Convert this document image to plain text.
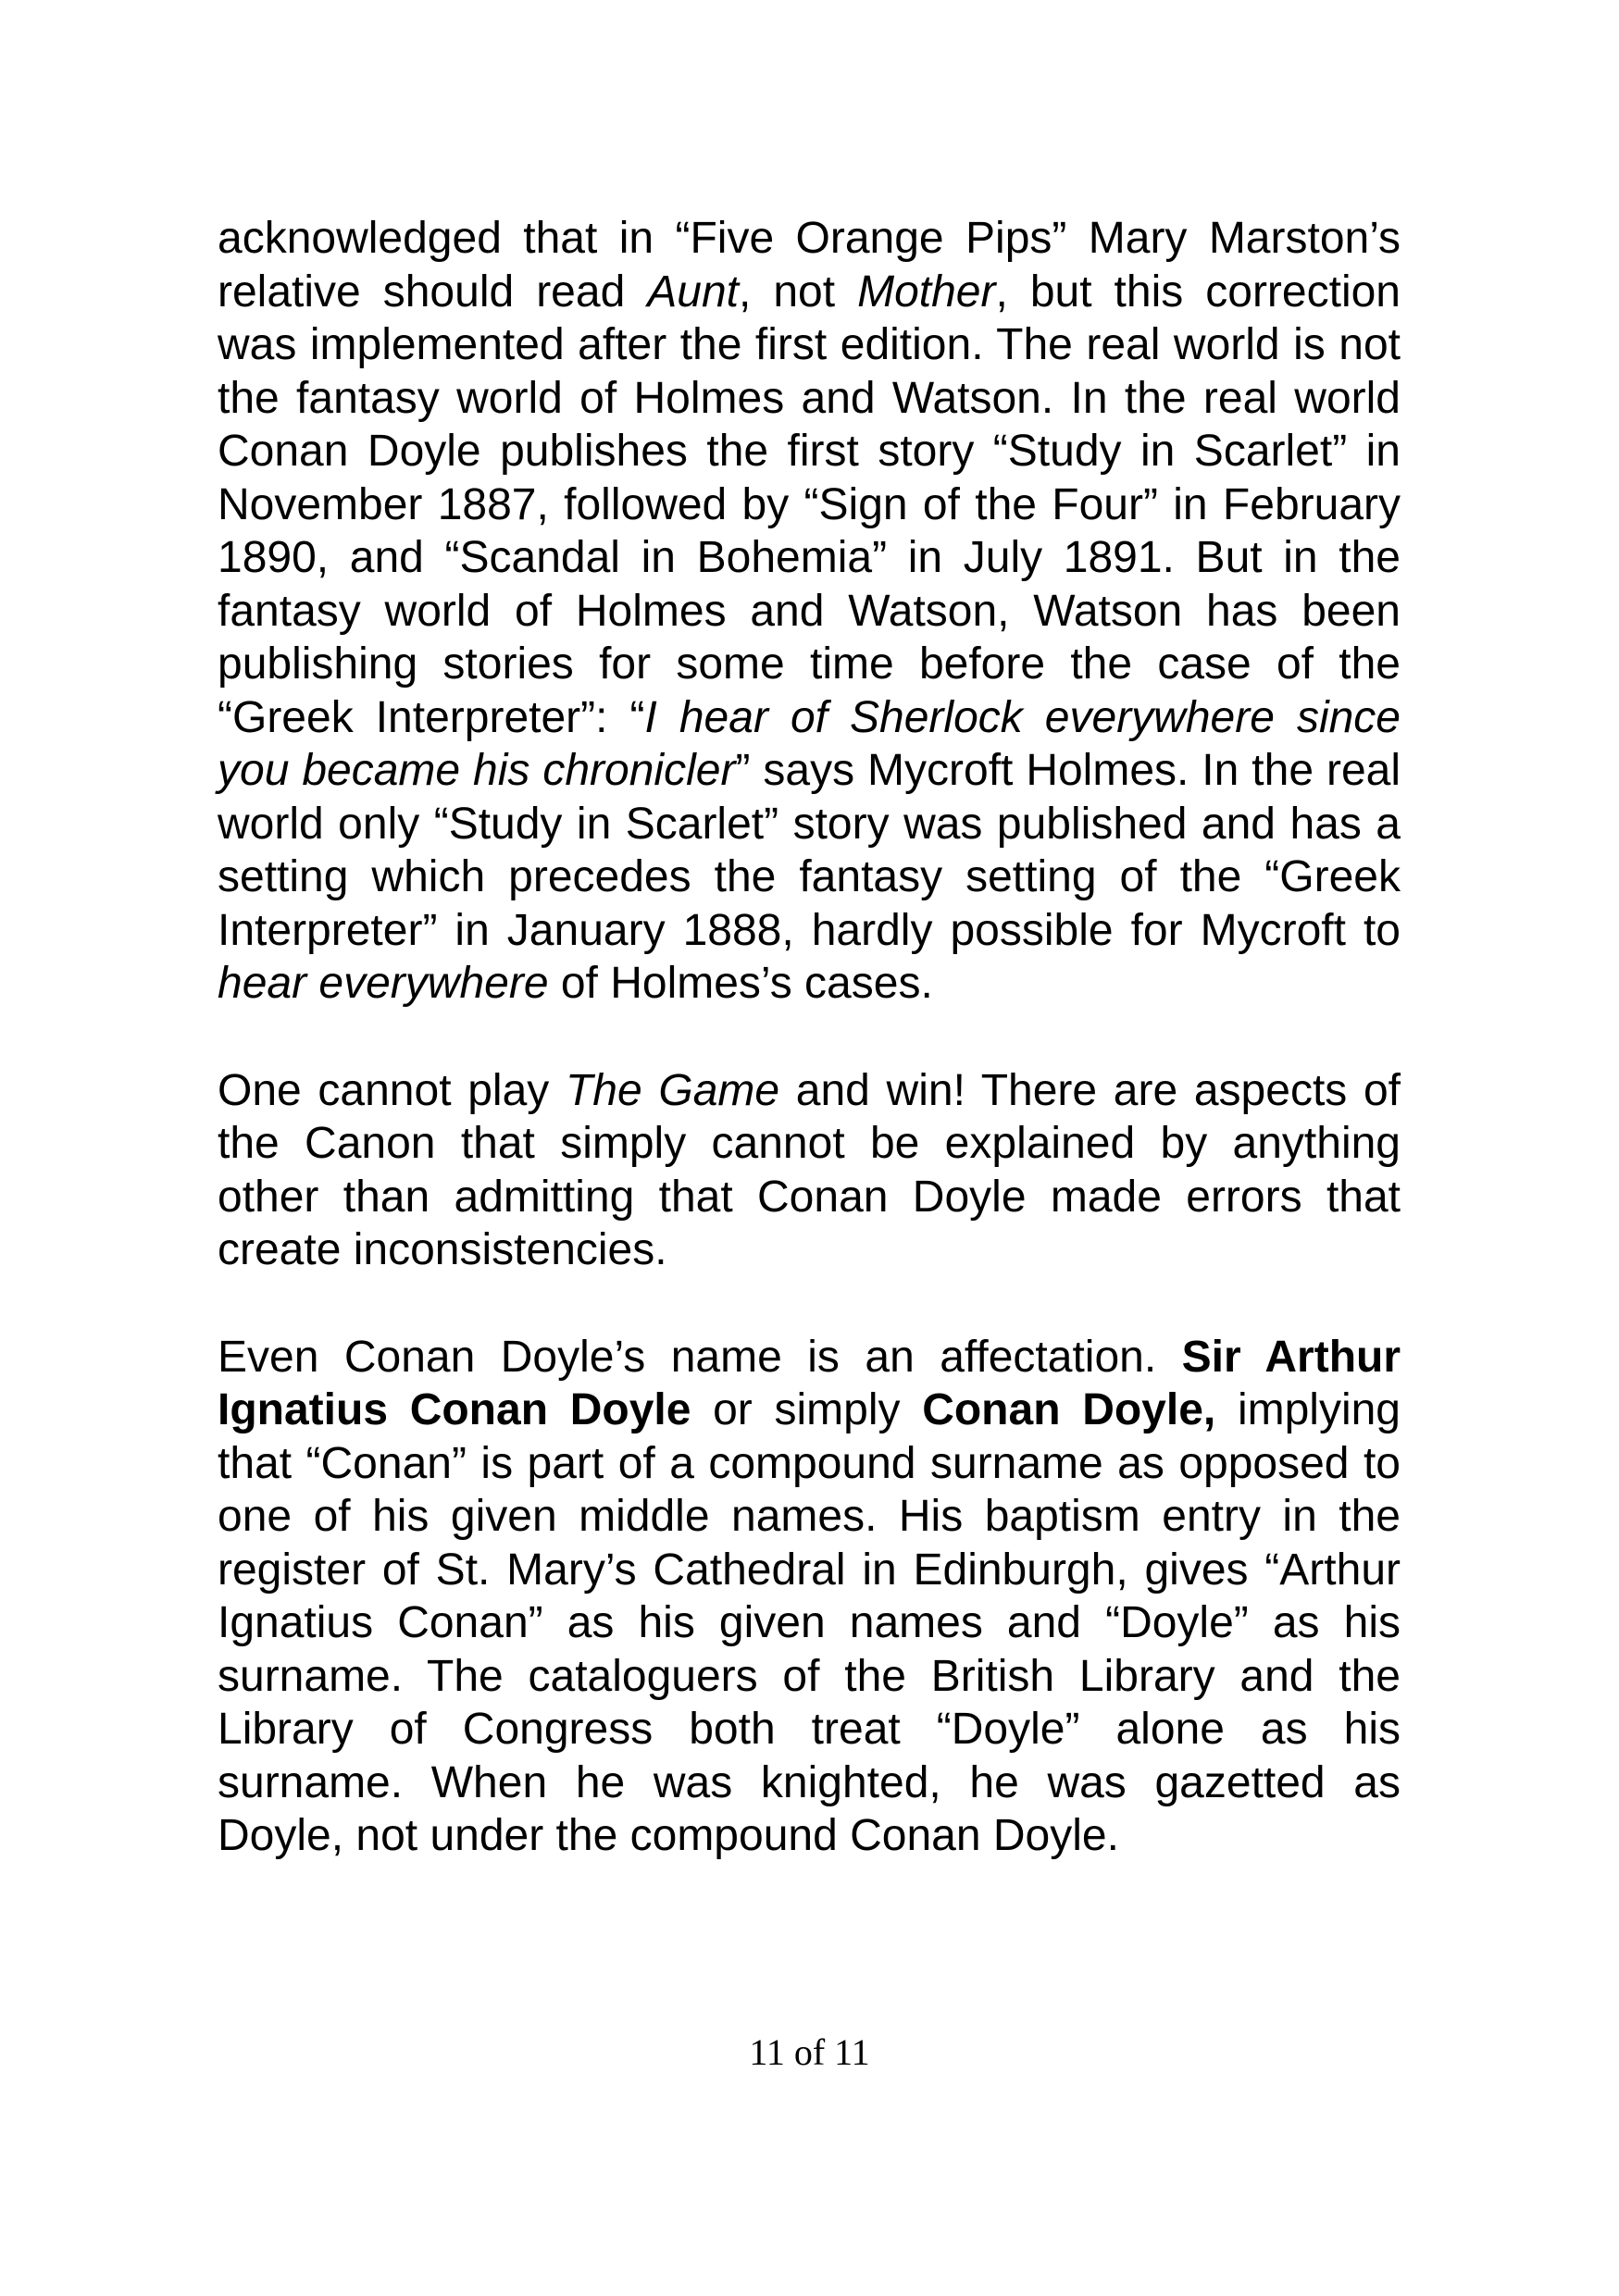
acknowledged that in “Five Orange Pips” Mary Marston’s relative should read Aunt, not Mother, but this correction was implemented after the first edition. The real world is not the fantasy world of Holmes and Watson. In the real world Conan Doyle publishes the first story “Study in Scarlet” in November 1887, followed by “Sign of the Four” in February 1890, and “Scandal in Bohemia” in July 1891. But in the fantasy world of Holmes and Watson, Watson has been publishing stories for some time before the case of the “Greek Interpreter”: “I hear of Sherlock everywhere since you became his chronicler” says Mycroft Holmes. In the real world only “Study in Scarlet” story was published and has a setting which precedes the fantasy setting of the “Greek Interpreter” in January 1888, hardly possible for Mycroft to hear everywhere of Holmes’s cases.

One cannot play The Game and win! There are aspects of the Canon that simply cannot be explained by anything other than admitting that Conan Doyle made errors that create inconsistencies.

Even Conan Doyle’s name is an affectation. Sir Arthur Ignatius Conan Doyle or simply Conan Doyle, implying that “Conan” is part of a compound surname as opposed to one of his given middle names. His baptism entry in the register of St. Mary’s Cathedral in Edinburgh, gives “Arthur Ignatius Conan” as his given names and “Doyle” as his surname. The cataloguers of the British Library and the Library of Congress both treat “Doyle” alone as his surname. When he was knighted, he was gazetted as Doyle, not under the compound Conan Doyle.

11 of 11
